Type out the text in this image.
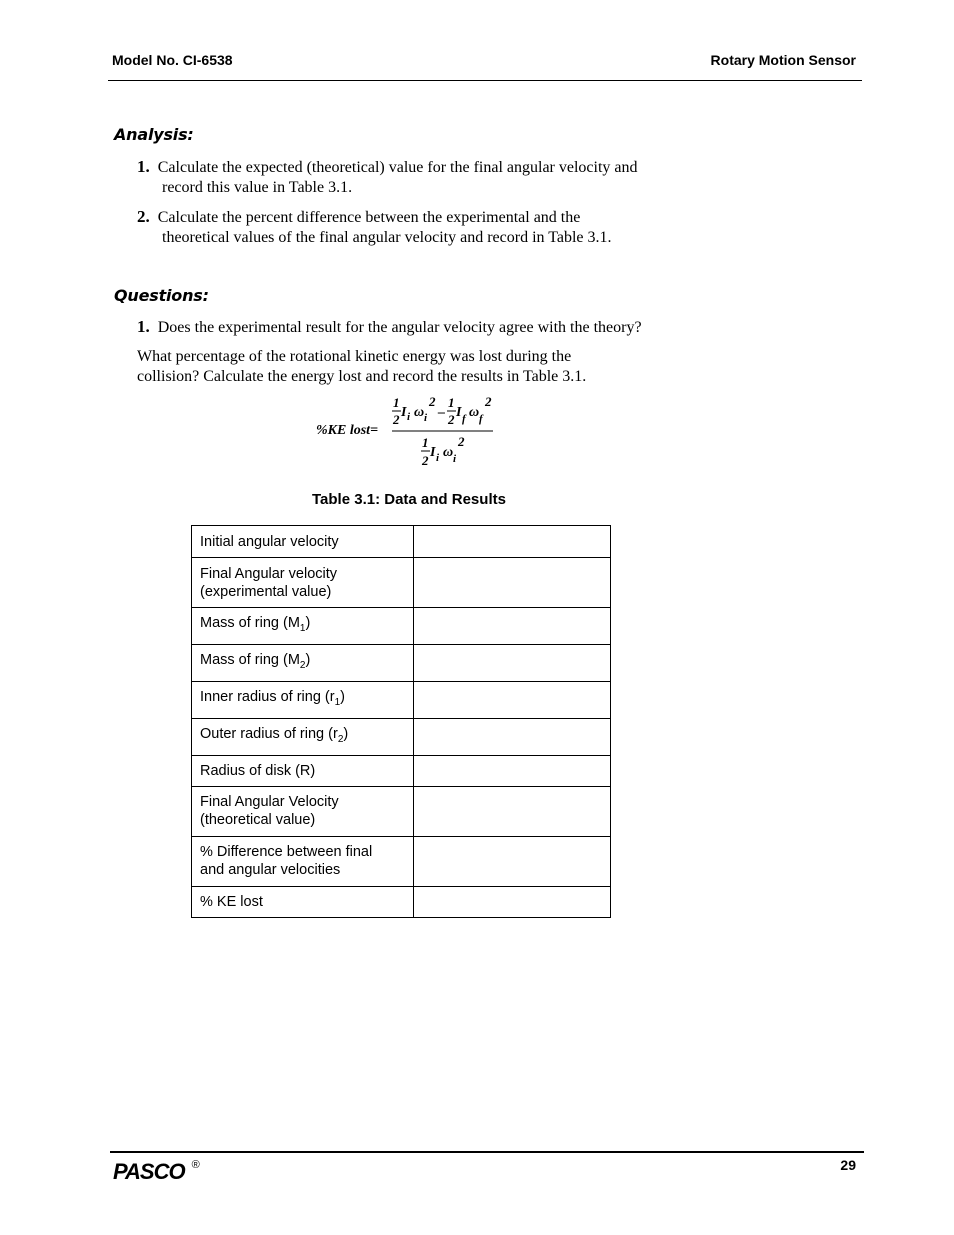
Model No. CI-6538	Rotary Motion Sensor
Analysis:
1. Calculate the expected (theoretical) value for the final angular velocity and
record this value in Table 3.1.
2. Calculate the percent difference between the experimental and the
theoretical values of the final angular velocity and record in Table 3.1.
Questions:
1. Does the experimental result for the angular velocity agree with the theory?
What percentage of the rotational kinetic energy was lost during the
collision? Calculate the energy lost and record the results in Table 3.1.
%KE lost=
1
2 I i ω i
2
–
1
2 I f ω f
2
1
2
I i ω i
2
Table 3.1: Data and Results
Initial angular velocity	
Final Angular velocity
(experimental value)	
Mass of ring $(M_1)$	
Mass of ring $(M_2)$	
Inner radius of ring $(r_1)$	
Outer radius of ring $(r_2)$	
Radius of disk (R)	
Final Angular Velocity
(theoretical value)	
% Difference between final
and angular velocities	
% KE lost	
PASCO ®	29
